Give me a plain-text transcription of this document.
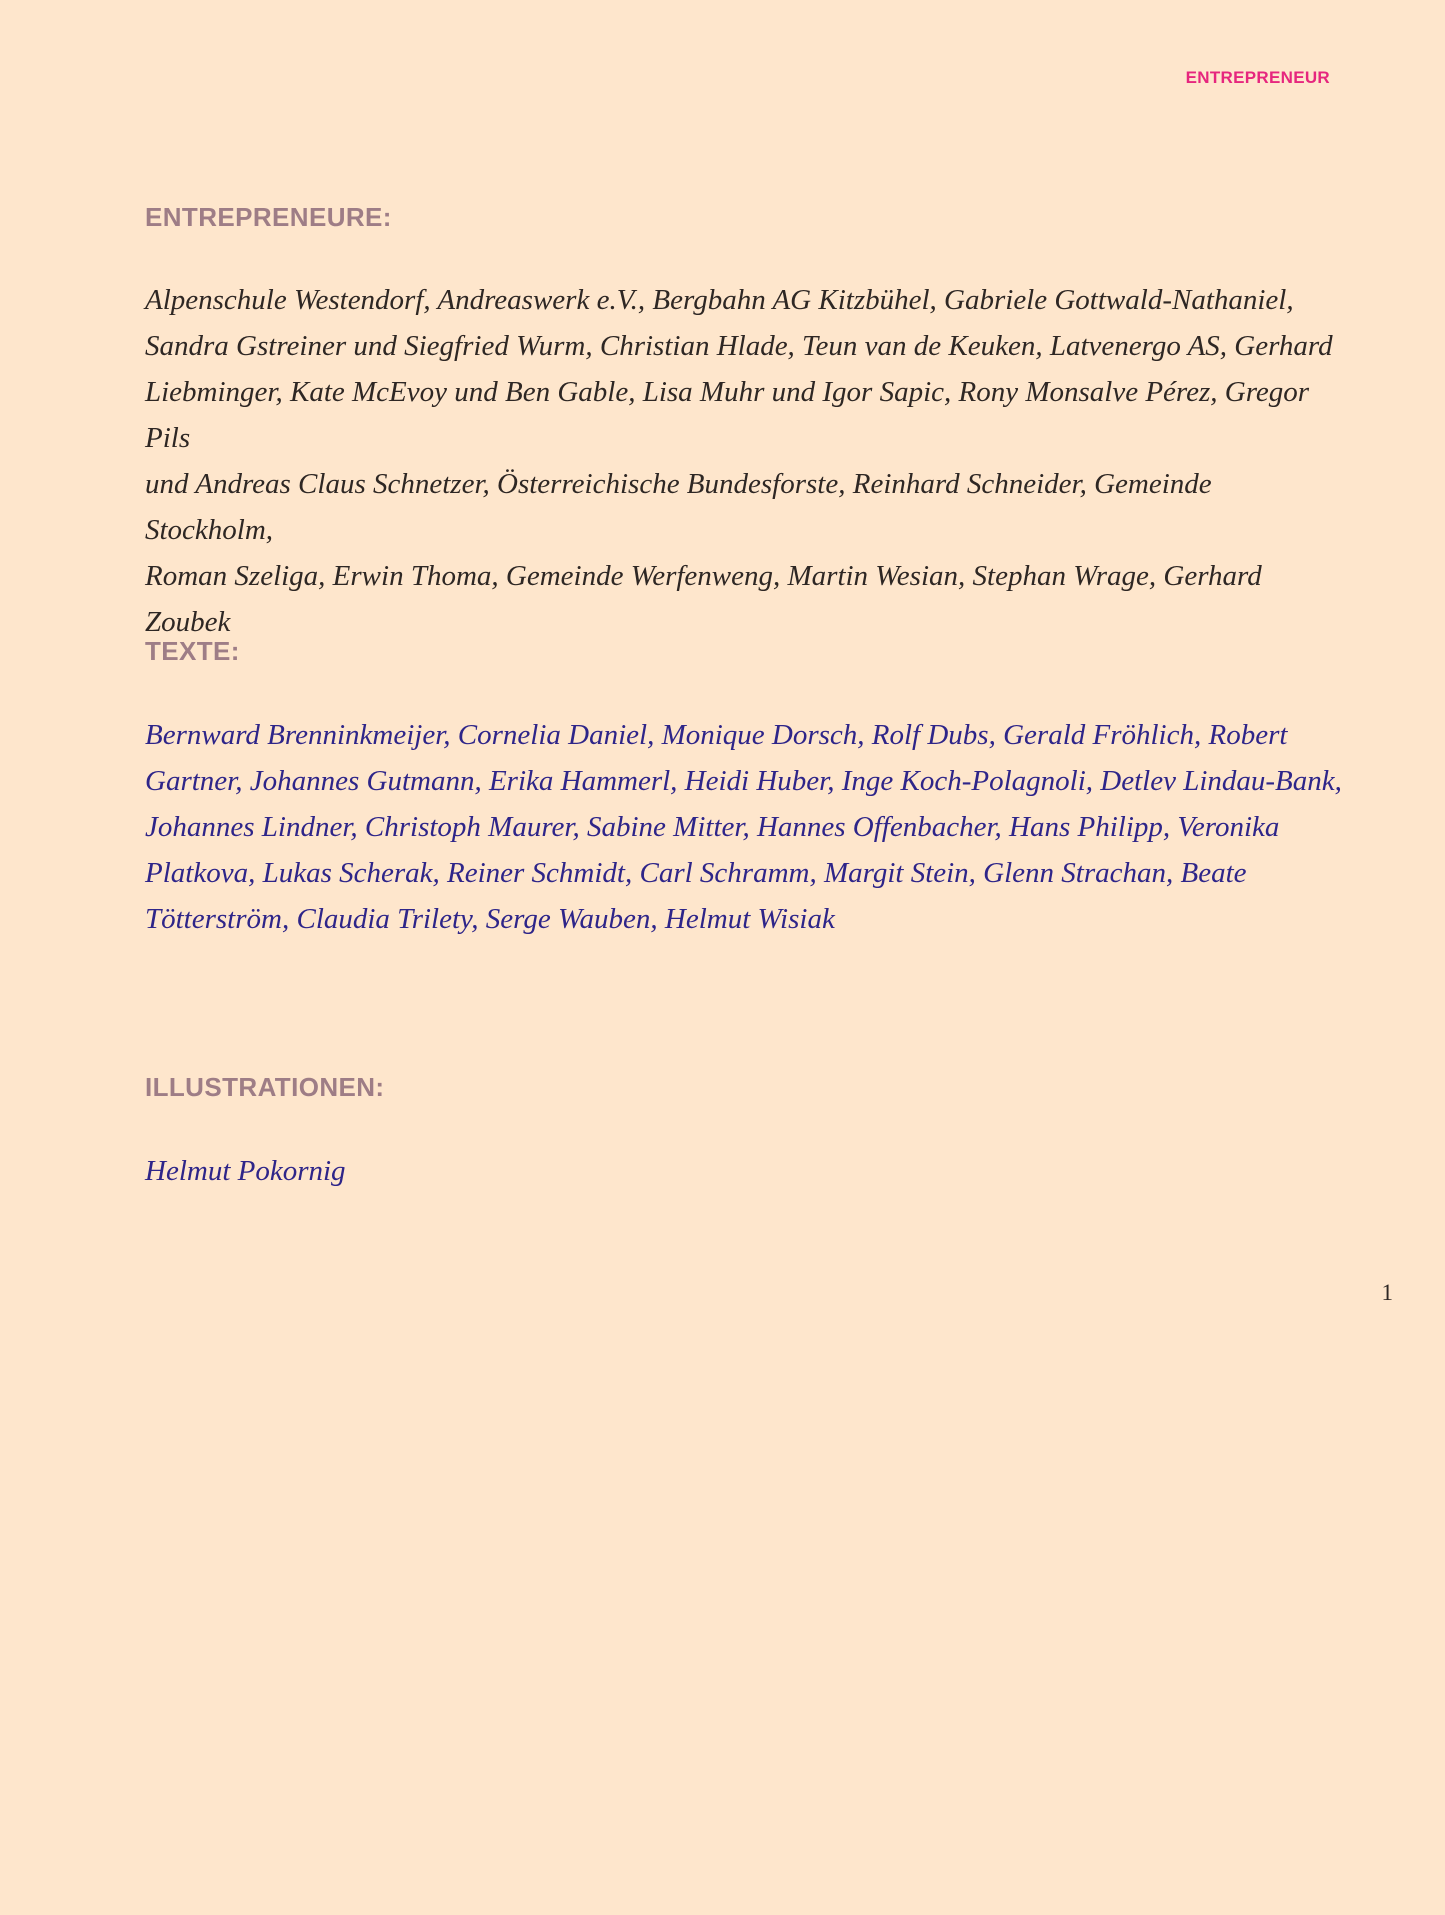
ENTREPRENEUR
ENTREPRENEURE:

Alpenschule Westendorf, Andreaswerk e.V., Bergbahn AG Kitzbühel, Gabriele Gottwald-Nathaniel,
Sandra Gstreiner und Siegfried Wurm, Christian Hlade, Teun van de Keuken, Latvenergo AS, Gerhard
Liebminger, Kate McEvoy und Ben Gable, Lisa Muhr und Igor Sapic, Rony Monsalve Pérez, Gregor Pils
und Andreas Claus Schnetzer, Österreichische Bundesforste, Reinhard Schneider, Gemeinde Stockholm,
Roman Szeliga, Erwin Thoma, Gemeinde Werfenweng, Martin Wesian, Stephan Wrage, Gerhard Zoubek

TEXTE:

Bernward Brenninkmeijer, Cornelia Daniel, Monique Dorsch, Rolf Dubs, Gerald Fröhlich, Robert
Gartner, Johannes Gutmann, Erika Hammerl, Heidi Huber, Inge Koch-Polagnoli, Detlev Lindau-Bank,
Johannes Lindner, Christoph Maurer, Sabine Mitter, Hannes Offenbacher, Hans Philipp, Veronika
Platkova, Lukas Scherak, Reiner Schmidt, Carl Schramm, Margit Stein, Glenn Strachan, Beate
Tötterström, Claudia Trilety, Serge Wauben, Helmut Wisiak

ILLUSTRATIONEN:

Helmut Pokornig

1
